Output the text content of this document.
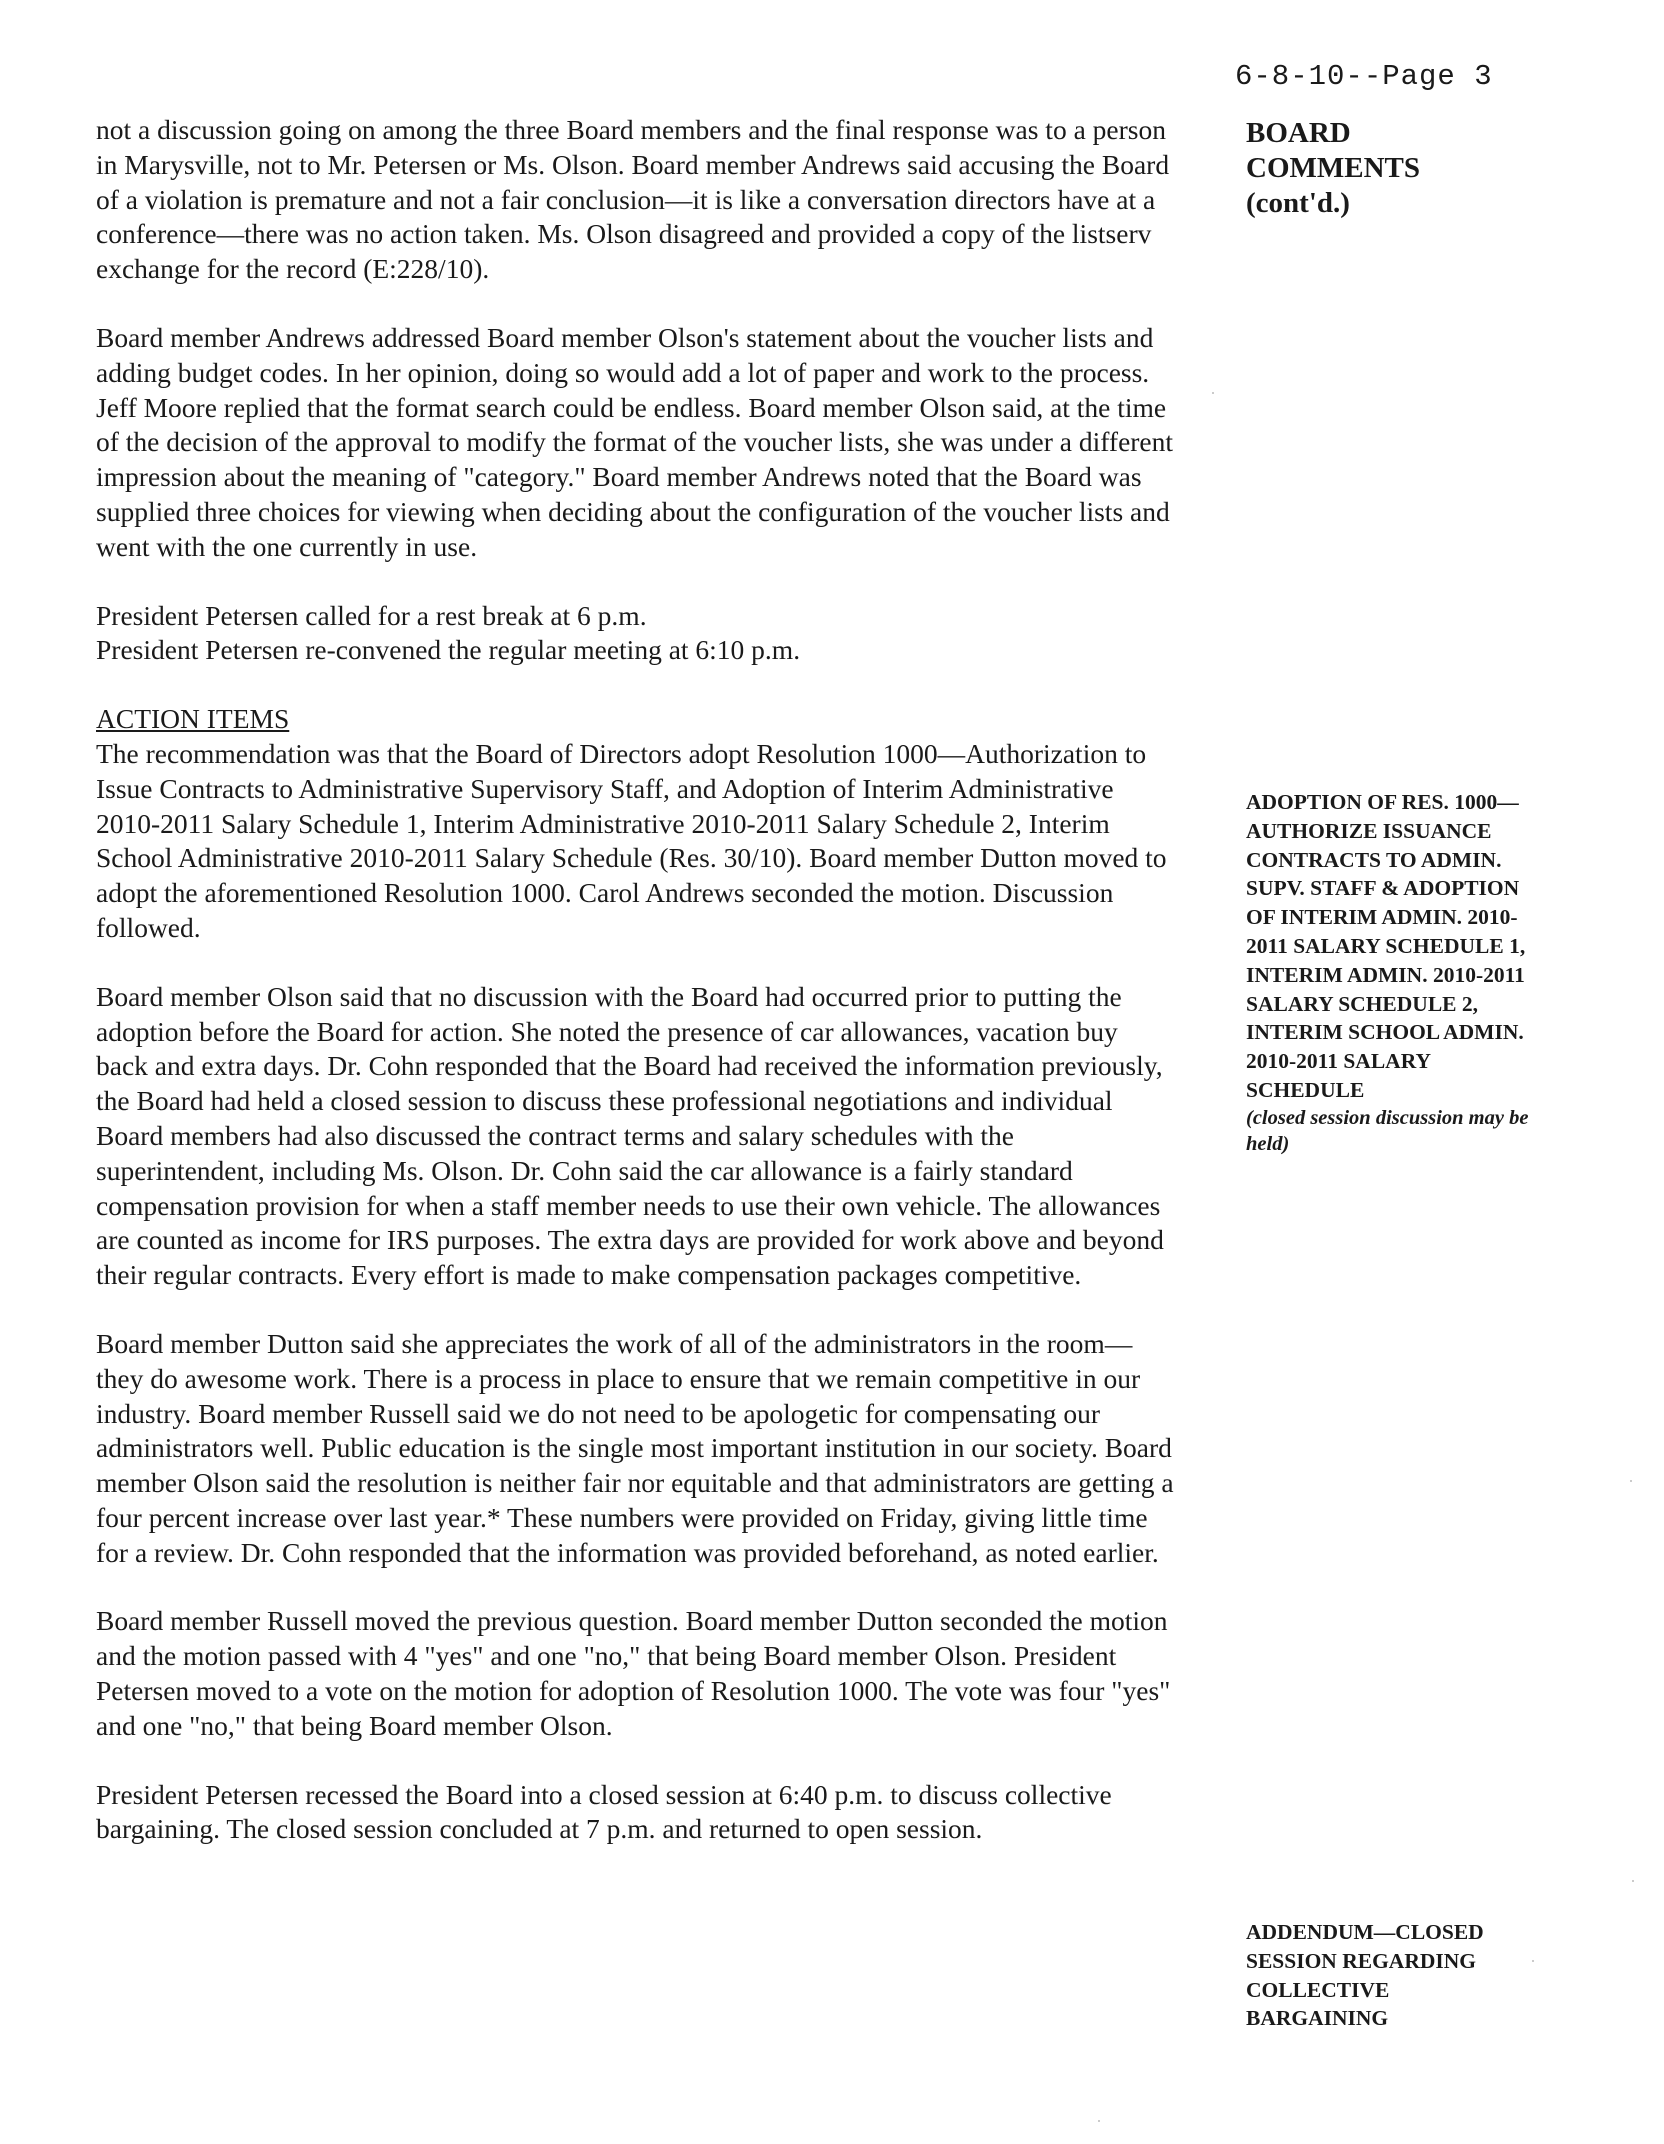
6-8-10--Page 3
BOARD COMMENTS (cont'd.)
ADOPTION OF RES. 1000—AUTHORIZE ISSUANCE CONTRACTS TO ADMIN. SUPV. STAFF & ADOPTION OF INTERIM ADMIN. 2010-2011 SALARY SCHEDULE 1, INTERIM ADMIN. 2010-2011 SALARY SCHEDULE 2, INTERIM SCHOOL ADMIN. 2010-2011 SALARY SCHEDULE
(closed session discussion may be held)
ADDENDUM—CLOSED SESSION REGARDING COLLECTIVE BARGAINING

not a discussion going on among the three Board members and the final response was to a person in Marysville, not to Mr. Petersen or Ms. Olson. Board member Andrews said accusing the Board of a violation is premature and not a fair conclusion—it is like a conversation directors have at a conference—there was no action taken. Ms. Olson disagreed and provided a copy of the listserv exchange for the record (E:228/10).

Board member Andrews addressed Board member Olson's statement about the voucher lists and adding budget codes. In her opinion, doing so would add a lot of paper and work to the process. Jeff Moore replied that the format search could be endless. Board member Olson said, at the time of the decision of the approval to modify the format of the voucher lists, she was under a different impression about the meaning of "category." Board member Andrews noted that the Board was supplied three choices for viewing when deciding about the configuration of the voucher lists and went with the one currently in use.

President Petersen called for a rest break at 6 p.m.

President Petersen re-convened the regular meeting at 6:10 p.m.

ACTION ITEMS

The recommendation was that the Board of Directors adopt Resolution 1000—Authorization to Issue Contracts to Administrative Supervisory Staff, and Adoption of Interim Administrative 2010-2011 Salary Schedule 1, Interim Administrative 2010-2011 Salary Schedule 2, Interim School Administrative 2010-2011 Salary Schedule (Res. 30/10). Board member Dutton moved to adopt the aforementioned Resolution 1000. Carol Andrews seconded the motion. Discussion followed.

Board member Olson said that no discussion with the Board had occurred prior to putting the adoption before the Board for action. She noted the presence of car allowances, vacation buy back and extra days. Dr. Cohn responded that the Board had received the information previously, the Board had held a closed session to discuss these professional negotiations and individual Board members had also discussed the contract terms and salary schedules with the superintendent, including Ms. Olson. Dr. Cohn said the car allowance is a fairly standard compensation provision for when a staff member needs to use their own vehicle. The allowances are counted as income for IRS purposes. The extra days are provided for work above and beyond their regular contracts. Every effort is made to make compensation packages competitive.

Board member Dutton said she appreciates the work of all of the administrators in the room—they do awesome work. There is a process in place to ensure that we remain competitive in our industry. Board member Russell said we do not need to be apologetic for compensating our administrators well. Public education is the single most important institution in our society. Board member Olson said the resolution is neither fair nor equitable and that administrators are getting a four percent increase over last year.* These numbers were provided on Friday, giving little time for a review. Dr. Cohn responded that the information was provided beforehand, as noted earlier.

Board member Russell moved the previous question. Board member Dutton seconded the motion and the motion passed with 4 "yes" and one "no," that being Board member Olson. President Petersen moved to a vote on the motion for adoption of Resolution 1000. The vote was four "yes" and one "no," that being Board member Olson.

President Petersen recessed the Board into a closed session at 6:40 p.m. to discuss collective bargaining. The closed session concluded at 7 p.m. and returned to open session.
